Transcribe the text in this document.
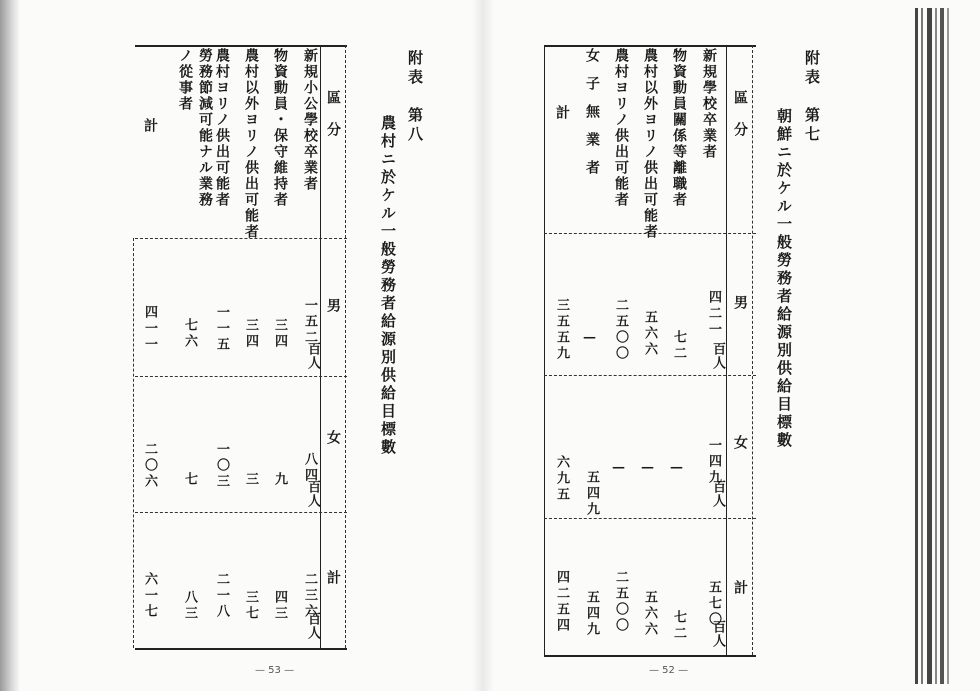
附表　第八
農村ニ於ケル一般勞務者給源別供給目標數
區　分
男
女
計
百人
百人
百人
新規小公學校卒業者
一五二
八四
二三六
物資動員・保守維持者
三四
九
四三
農村以外ヨリノ供出可能者
三四
三
三七
農村ヨリノ供出可能者
一一五
一〇三
二一八
勞務節減可能ナル業務ノ從事者
七六
七
八三
計
四一一
二〇六
六一七
— 53 —
附表　第七
朝鮮ニ於ケル一般勞務者給源別供給目標數
區　分
男
女
計
百人
百人
百人
新規學校卒業者
四二一
一四九
五七〇
物資動員關係等離職者
七二
—
七二
農村以外ヨリノ供出可能者
五六六
—
五六六
農村ヨリノ供出可能者
二五〇〇
—
二五〇〇
女子無業者
—
五四九
五四九
計
三五五九
六九五
四二五四
— 52 —
